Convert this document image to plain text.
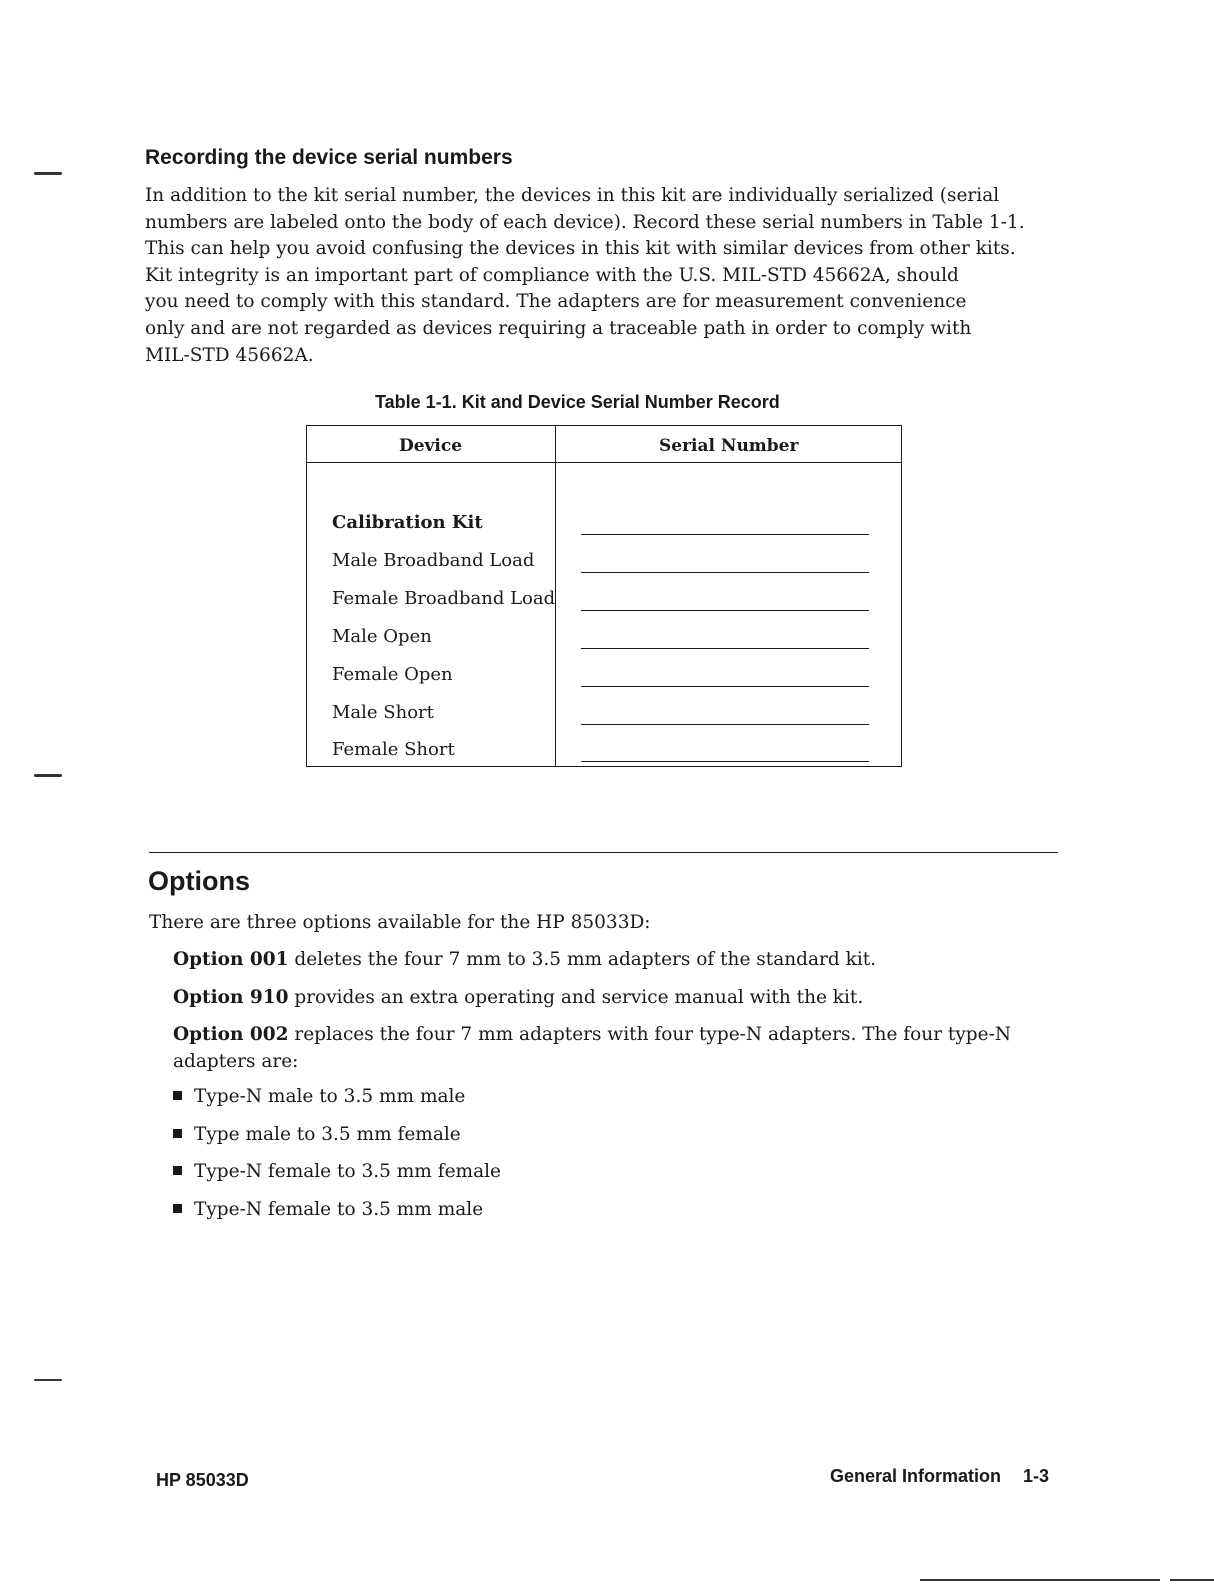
Recording the device serial numbers

In addition to the kit serial number, the devices in this kit are individually serialized (serial
numbers are labeled onto the body of each device). Record these serial numbers in Table 1-1.
This can help you avoid confusing the devices in this kit with similar devices from other kits.
Kit integrity is an important part of compliance with the U.S. MIL-STD 45662A, should
you need to comply with this standard. The adapters are for measurement convenience
only and are not regarded as devices requiring a traceable path in order to comply with
MIL-STD 45662A.

Table 1-1. Kit and Device Serial Number Record
Device	Serial Number
Calibration Kit
Male Broadband Load
Female Broadband Load
Male Open
Female Open
Male Short
Female Short
Options

There are three options available for the HP 85033D:

Option 001 deletes the four 7 mm to 3.5 mm adapters of the standard kit.

Option 910 provides an extra operating and service manual with the kit.

Option 002 replaces the four 7 mm adapters with four type-N adapters. The four type-N adapters are:

Type-N male to 3.5 mm male
Type male to 3.5 mm female
Type-N female to 3.5 mm female
Type-N female to 3.5 mm male
HP 85033D	General Information 1-3
